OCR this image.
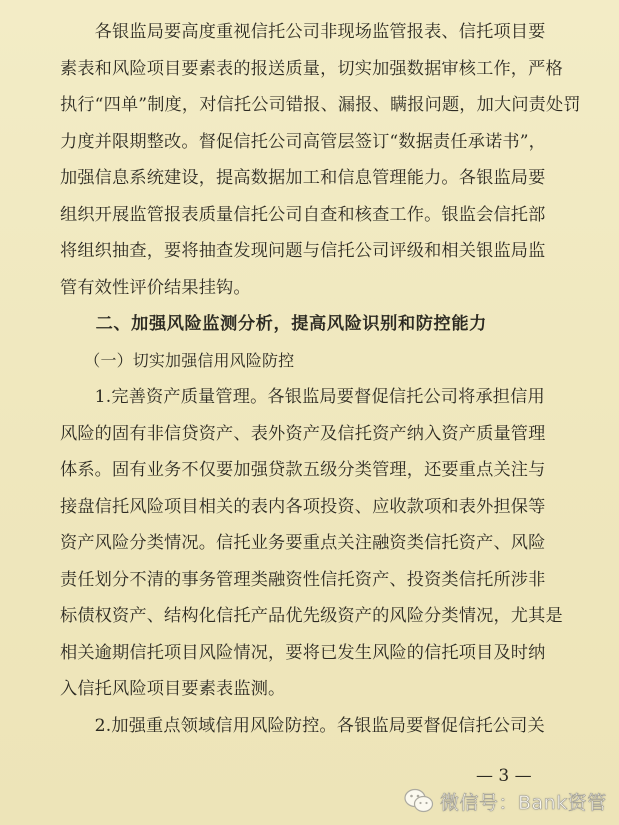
　　各银监局要高度重视信托公司非现场监管报表、信托项目要
素表和风险项目要素表的报送质量，切实加强数据审核工作，严格
执行“四单”制度，对信托公司错报、漏报、瞒报问题，加大问责处罚
力度并限期整改。督促信托公司高管层签订“数据责任承诺书”，
加强信息系统建设，提高数据加工和信息管理能力。各银监局要
组织开展监管报表质量信托公司自查和核查工作。银监会信托部
将组织抽查，要将抽查发现问题与信托公司评级和相关银监局监
管有效性评价结果挂钩。
　　二、加强风险监测分析，提高风险识别和防控能力
　　（一）切实加强信用风险防控
　　1.完善资产质量管理。各银监局要督促信托公司将承担信用
风险的固有非信贷资产、表外资产及信托资产纳入资产质量管理
体系。固有业务不仅要加强贷款五级分类管理，还要重点关注与
接盘信托风险项目相关的表内各项投资、应收款项和表外担保等
资产风险分类情况。信托业务要重点关注融资类信托资产、风险
责任划分不清的事务管理类融资性信托资产、投资类信托所涉非
标债权资产、结构化信托产品优先级资产的风险分类情况，尤其是
相关逾期信托项目风险情况，要将已发生风险的信托项目及时纳
入信托风险项目要素表监测。
　　2.加强重点领域信用风险防控。各银监局要督促信托公司关
— 3 —
微信号：Bank资管
